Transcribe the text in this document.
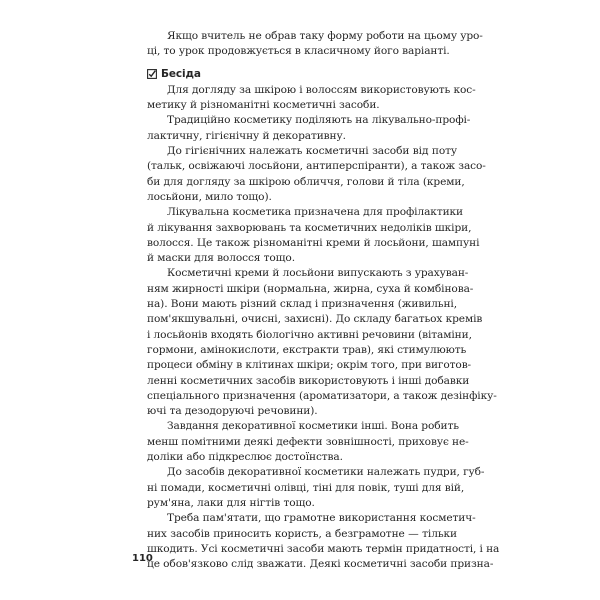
Якщо вчитель не обрав таку форму роботи на цьому уро-
ці, то урок продовжується в класичному його варіанті.
Бесіда
Для догляду за шкірою і волоссям використовують кос-
метику й різноманітні косметичні засоби.
Традиційно косметику поділяють на лікувально-профі-
лактичну, гігієнічну й декоративну.
До гігієнічних належать косметичні засоби від поту
(тальк, освіжаючі лосьйони, антиперспіранти), а також засо-
би для догляду за шкірою обличчя, голови й тіла (креми,
лосьйони, мило тощо).
Лікувальна косметика призначена для профілактики
й лікування захворювань та косметичних недоліків шкіри,
волосся. Це також різноманітні креми й лосьйони, шампуні
й маски для волосся тощо.
Косметичні креми й лосьйони випускають з урахуван-
ням жирності шкіри (нормальна, жирна, суха й комбінова-
на). Вони мають різний склад і призначення (живильні,
пом'якшувальні, очисні, захисні). До складу багатьох кремів
і лосьйонів входять біологічно активні речовини (вітаміни,
гормони, амінокислоти, екстракти трав), які стимулюють
процеси обміну в клітинах шкіри; окрім того, при виготов-
ленні косметичних засобів використовують і інші добавки
спеціального призначення (ароматизатори, а також дезінфіку-
ючі та дезодоруючі речовини).
Завдання декоративної косметики інші. Вона робить
менш помітними деякі дефекти зовнішності, приховує не-
доліки або підкреслює достоїнства.
До засобів декоративної косметики належать пудри, губ-
ні помади, косметичні олівці, тіні для повік, туші для вій,
рум'яна, лаки для нігтів тощо.
Треба пам'ятати, що грамотне використання косметич-
них засобів приносить користь, а безграмотне — тільки
шкодить. Усі косметичні засоби мають термін придатності, і на
це обов'язково слід зважати. Деякі косметичні засоби призна-
110
